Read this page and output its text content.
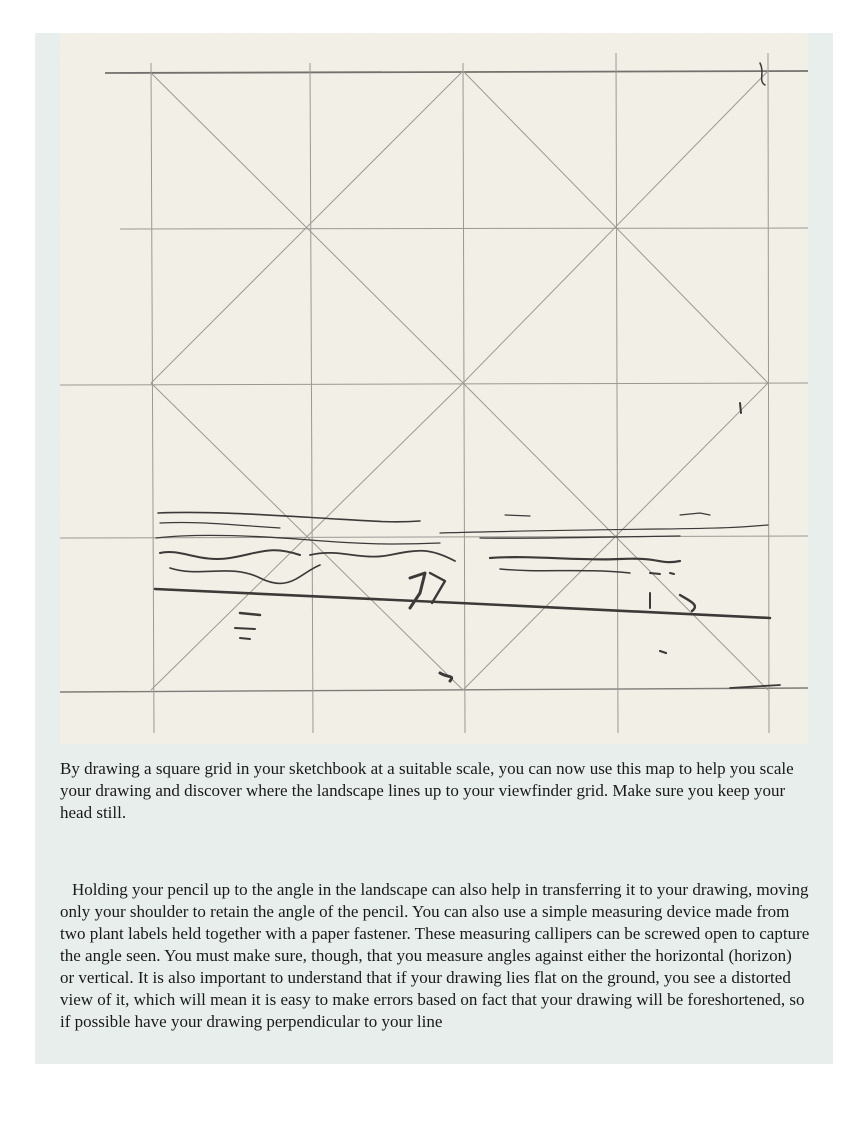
By drawing a square grid in your sketchbook at a suitable scale, you can now use this map to help you scale your drawing and discover where the landscape lines up to your viewfinder grid. Make sure you keep your head still.

Holding your pencil up to the angle in the landscape can also help in transferring it to your drawing, moving only your shoulder to retain the angle of the pencil. You can also use a simple measuring device made from two plant labels held together with a paper fastener. These measuring callipers can be screwed open to capture the angle seen. You must make sure, though, that you measure angles against either the horizontal (horizon) or vertical. It is also important to understand that if your drawing lies flat on the ground, you see a distorted view of it, which will mean it is easy to make errors based on fact that your drawing will be foreshortened, so if possible have your drawing perpendicular to your line
